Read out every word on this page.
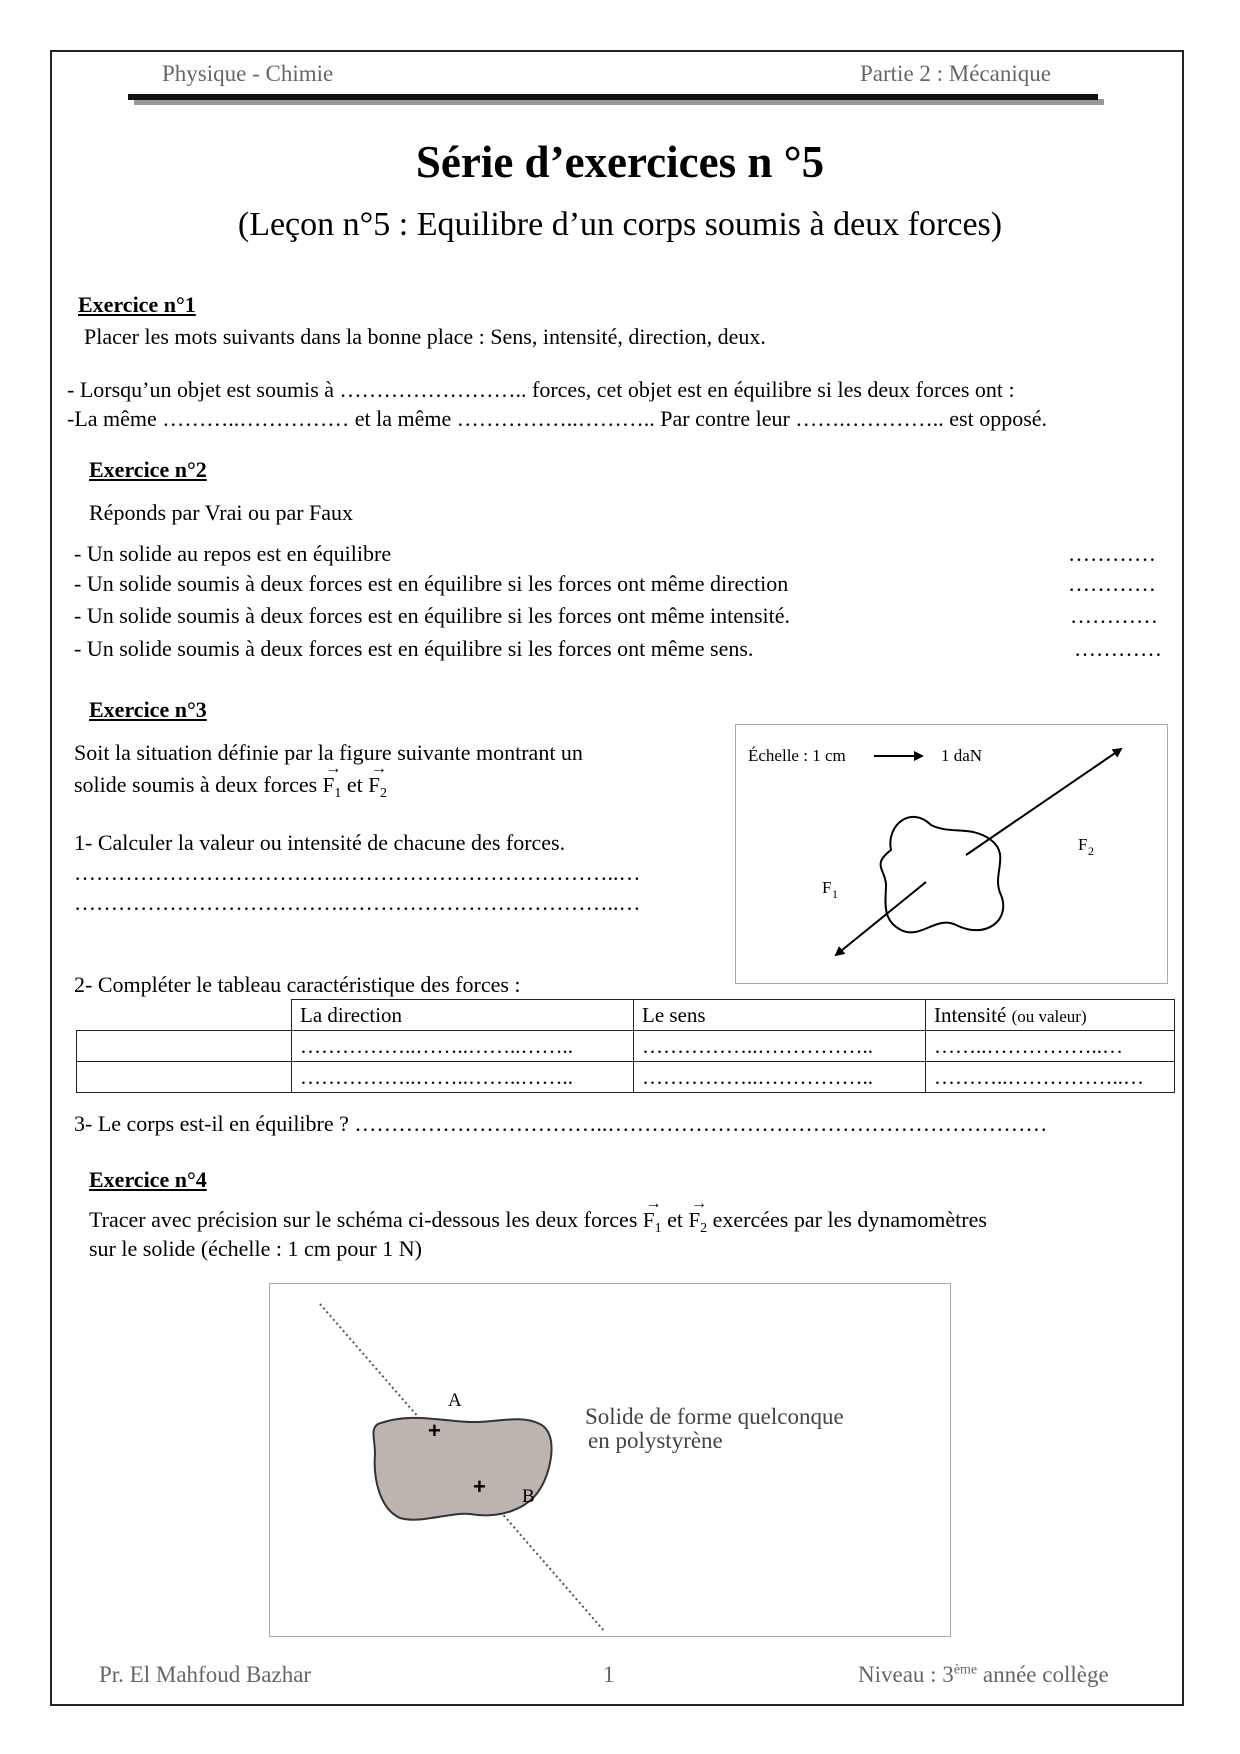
Physique - Chimie	Partie 2 : Mécanique
Série d’exercices n °5
(Leçon n°5 : Equilibre d’un corps soumis à deux forces)
Exercice n°1
Placer les mots suivants dans la bonne place : Sens, intensité, direction, deux.
- Lorsqu’un objet est soumis à …………………….. forces, cet objet est en équilibre si les deux forces ont :
-La même ………..…………… et la même ……………..……….. Par contre leur …….………….. est opposé.
Exercice n°2
Réponds par Vrai ou par Faux
- Un solide au repos est en équilibre	…………
- Un solide soumis à deux forces est en équilibre si les forces ont même direction	…………
- Un solide soumis à deux forces est en équilibre si les forces ont même intensité.	…………
- Un solide soumis à deux forces est en équilibre si les forces ont même sens.	…………
Exercice n°3
Soit la situation définie par la figure suivante montrant un
solide soumis à deux forces
→
$F_1$ et
→
$F_2$
1- Calculer la valeur ou intensité de chacune des forces.
……………………………….………………………………..…
……………………………….………………………………..…
Échelle : 1 cm	1 daN
F 1
F 2
2- Compléter le tableau caractéristique des forces :
	La direction	Le sens	Intensité (ou valeur)
	……………..……..……..……..	……………..……………..	……..……………..…
	……………..……..……..……..	……………..……………..	………..……………..…
3- Le corps est-il en équilibre ? ……………………………..……………………………………………………
Exercice n°4
Tracer avec précision sur le schéma ci-dessous les deux forces
→
$F_1$ et
→
$F_2$ exercées par les dynamomètres
sur le solide (échelle : 1 cm pour 1 N)
A
+
+ B
Solide de forme quelconque
en polystyrène
Pr. El Mahfoud Bazhar	1	Niveau : 3ème année collège
